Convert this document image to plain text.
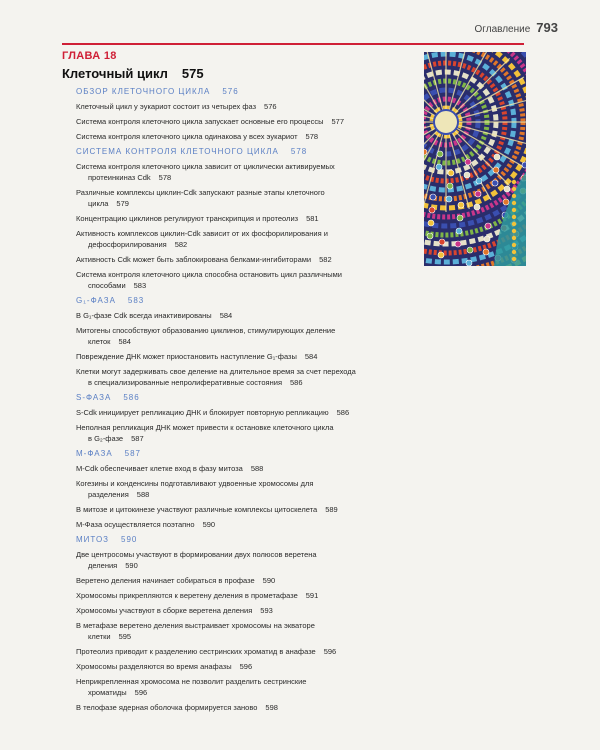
Оглавление 793
ГЛАВА 18
Клеточный цикл 575
ОБЗОР КЛЕТОЧНОГО ЦИКЛА 576
Клеточный цикл у эукариот состоит из четырех фаз 576
Система контроля клеточного цикла запускает основные его процессы 577
Система контроля клеточного цикла одинакова у всех эукариот 578
СИСТЕМА КОНТРОЛЯ КЛЕТОЧНОГО ЦИКЛА 578
Система контроля клеточного цикла зависит от циклически активируемых
протеинкиназ Cdk 578
Различные комплексы циклин-Cdk запускают разные этапы клеточного
цикла 579
Концентрацию циклинов регулируют транскрипция и протеолиз 581
Активность комплексов циклин-Cdk зависит от их фосфорилирования и
дефосфорилирования 582
Активность Cdk может быть заблокирована белками-ингибиторами 582
Система контроля клеточного цикла способна остановить цикл различными
способами 583
G₁-ФАЗА 583
В G₁-фазе Cdk всегда инактивированы 584
Митогены способствуют образованию циклинов, стимулирующих деление
клеток 584
Повреждение ДНК может приостановить наступление G₁-фазы 584
Клетки могут задерживать свое деление на длительное время за счет перехода
в специализированные непролиферативные состояния 586
S-ФАЗА 586
S-Cdk инициирует репликацию ДНК и блокирует повторную репликацию 586
Неполная репликация ДНК может привести к остановке клеточного цикла
в G₂-фазе 587
М-ФАЗА 587
M-Cdk обеспечивает клетке вход в фазу митоза 588
Когезины и конденсины подготавливают удвоенные хромосомы для
разделения 588
В митозе и цитокинезе участвуют различные комплексы цитоскелета 589
М-Фаза осуществляется поэтапно 590
МИТОЗ 590
Две центросомы участвуют в формировании двух полюсов веретена
деления 590
Веретено деления начинает собираться в профазе 590
Хромосомы прикрепляются к веретену деления в прометафазе 591
Хромосомы участвуют в сборке веретена деления 593
В метафазе веретено деления выстраивает хромосомы на экваторе
клетки 595
Протеолиз приводит к разделению сестринских хроматид в анафазе 596
Хромосомы разделяются во время анафазы 596
Неприкрепленная хромосома не позволит разделить сестринские
хроматиды 596
В телофазе ядерная оболочка формируется заново 598
